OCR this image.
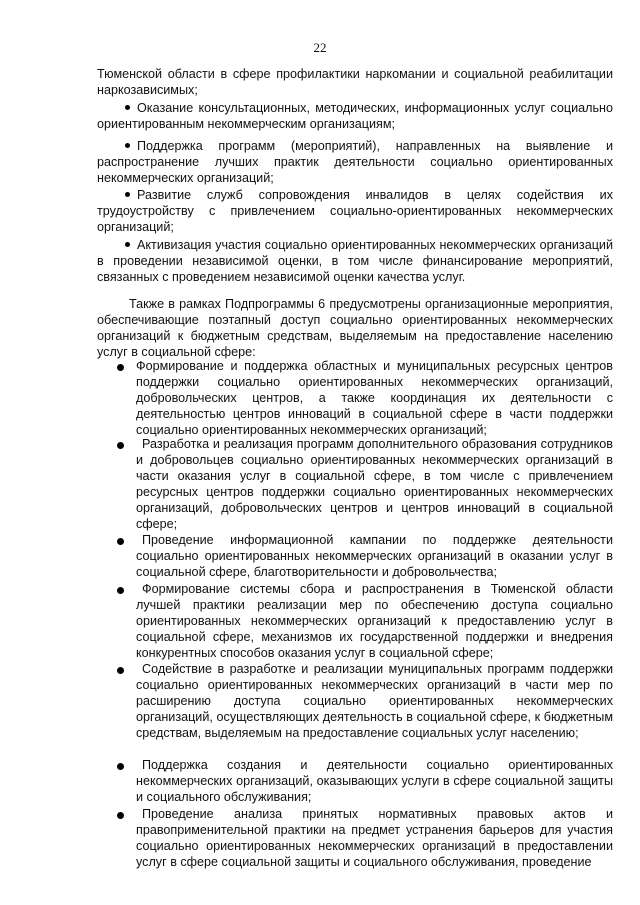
22

Тюменской области в сфере профилактики наркомании и социальной реабилитации наркозависимых;

Оказание консультационных, методических, информационных услуг социально ориентированным некоммерческим организациям;
Поддержка программ (мероприятий), направленных на выявление и распространение лучших практик деятельности социально ориентированных некоммерческих организаций;
Развитие служб сопровождения инвалидов в целях содействия их трудоустройству с привлечением социально-ориентированных некоммерческих организаций;
Активизация участия социально ориентированных некоммерческих организаций в проведении независимой оценки, в том числе финансирование мероприятий, связанных с проведением независимой оценки качества услуг.

Также в рамках Подпрограммы 6 предусмотрены организационные мероприятия, обеспечивающие поэтапный доступ социально ориентированных некоммерческих организаций к бюджетным средствам, выделяемым на предоставление населению услуг в социальной сфере:

Формирование и поддержка областных и муниципальных ресурсных центров поддержки социально ориентированных некоммерческих организаций, добровольческих центров, а также координация их деятельности с деятельностью центров инноваций в социальной сфере в части поддержки социально ориентированных некоммерческих организаций;
Разработка и реализация программ дополнительного образования сотрудников и добровольцев социально ориентированных некоммерческих организаций в части оказания услуг в социальной сфере, в том числе с привлечением ресурсных центров поддержки социально ориентированных некоммерческих организаций, добровольческих центров и центров инноваций в социальной сфере;
Проведение информационной кампании по поддержке деятельности социально ориентированных некоммерческих организаций в оказании услуг в социальной сфере, благотворительности и добровольчества;
Формирование системы сбора и распространения в Тюменской области лучшей практики реализации мер по обеспечению доступа социально ориентированных некоммерческих организаций к предоставлению услуг в социальной сфере, механизмов их государственной поддержки и внедрения конкурентных способов оказания услуг в социальной сфере;
Содействие в разработке и реализации муниципальных программ поддержки социально ориентированных некоммерческих организаций в части мер по расширению доступа социально ориентированных некоммерческих организаций, осуществляющих деятельность в социальной сфере, к бюджетным средствам, выделяемым на предоставление социальных услуг населению;
Поддержка создания и деятельности социально ориентированных некоммерческих организаций, оказывающих услуги в сфере социальной защиты и социального обслуживания;
Проведение анализа принятых нормативных правовых актов и правоприменительной практики на предмет устранения барьеров для участия социально ориентированных некоммерческих организаций в предоставлении услуг в сфере социальной защиты и социального обслуживания, проведение
